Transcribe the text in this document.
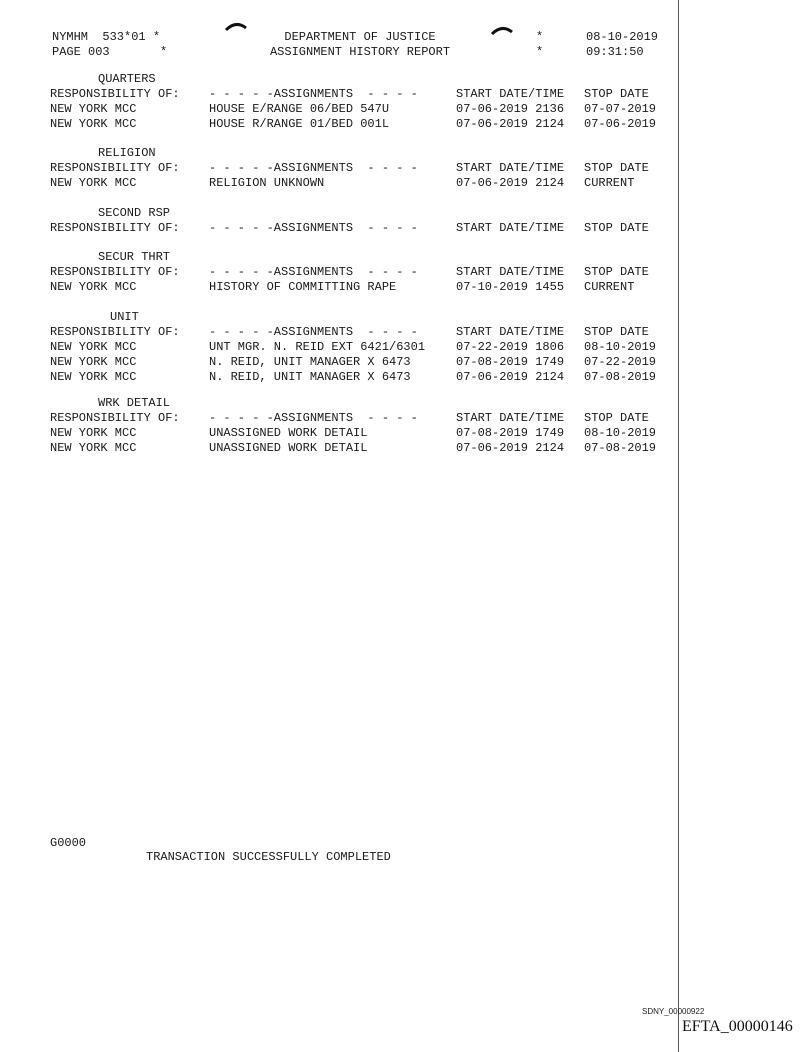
NYMHM  533*01 *
PAGE 003       *
DEPARTMENT OF JUSTICE
ASSIGNMENT HISTORY REPORT
*
*
08-10-2019
09:31:50
QUARTERS
RESPONSIBILITY OF: - - - - -ASSIGNMENTS  - - - -	START DATE/TIME STOP DATE
NEW YORK MCC	HOUSE E/RANGE 06/BED 547U	07-06-2019 2136 07-07-2019
NEW YORK MCC	HOUSE R/RANGE 01/BED 001L	07-06-2019 2124 07-06-2019
RELIGION
RESPONSIBILITY OF: - - - - -ASSIGNMENTS  - - - -	START DATE/TIME STOP DATE
NEW YORK MCC	RELIGION UNKNOWN	07-06-2019 2124 CURRENT
SECOND RSP
RESPONSIBILITY OF: - - - - -ASSIGNMENTS  - - - -	START DATE/TIME STOP DATE
SECUR THRT
RESPONSIBILITY OF: - - - - -ASSIGNMENTS  - - - -	START DATE/TIME STOP DATE
NEW YORK MCC	HISTORY OF COMMITTING RAPE	07-10-2019 1455 CURRENT
UNIT
RESPONSIBILITY OF: - - - - -ASSIGNMENTS  - - - -	START DATE/TIME STOP DATE
NEW YORK MCC	UNT MGR. N. REID EXT 6421/6301	07-22-2019 1806 08-10-2019
NEW YORK MCC	N. REID, UNIT MANAGER X 6473	07-08-2019 1749 07-22-2019
NEW YORK MCC	N. REID, UNIT MANAGER X 6473	07-06-2019 2124 07-08-2019
WRK DETAIL
RESPONSIBILITY OF: - - - - -ASSIGNMENTS  - - - -	START DATE/TIME STOP DATE
NEW YORK MCC	UNASSIGNED WORK DETAIL	07-08-2019 1749 08-10-2019
NEW YORK MCC	UNASSIGNED WORK DETAIL	07-06-2019 2124 07-08-2019

G0000

TRANSACTION SUCCESSFULLY COMPLETED

SDNY_00000922
EFTA_00000146
